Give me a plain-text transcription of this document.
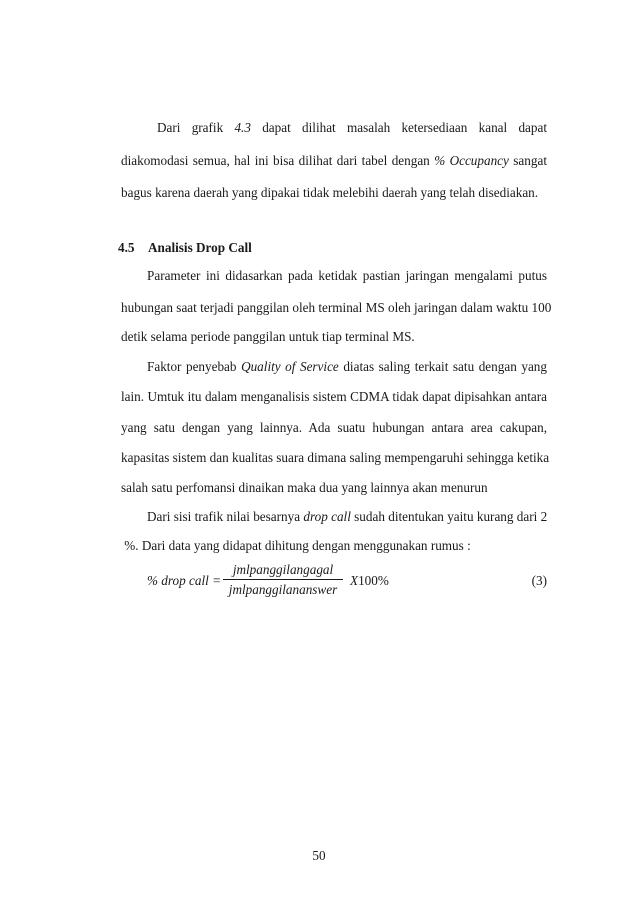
Dari grafik 4.3 dapat dilihat masalah ketersediaan kanal dapat
diakomodasi semua, hal ini bisa dilihat dari tabel dengan % Occupancy sangat
bagus karena daerah yang dipakai tidak melebihi daerah yang telah disediakan.
4.5 Analisis Drop Call
Parameter ini didasarkan pada ketidak pastian jaringan mengalami putus
hubungan saat terjadi panggilan oleh terminal MS oleh jaringan dalam waktu 100
detik selama periode panggilan untuk tiap terminal MS.
Faktor penyebab Quality of Service diatas saling terkait satu dengan yang
lain. Umtuk itu dalam menganalisis sistem CDMA tidak dapat dipisahkan antara
yang satu dengan yang lainnya. Ada suatu hubungan antara area cakupan,
kapasitas sistem dan kualitas suara dimana saling mempengaruhi sehingga ketika
salah satu perfomansi dinaikan maka dua yang lainnya akan menurun
Dari sisi trafik nilai besarnya drop call sudah ditentukan yaitu kurang dari 2
%. Dari data yang didapat dihitung dengan menggunakan rumus :
% drop call =
jmlpanggilangagal
jmlpanggilananswer
X100%	(3)
50
